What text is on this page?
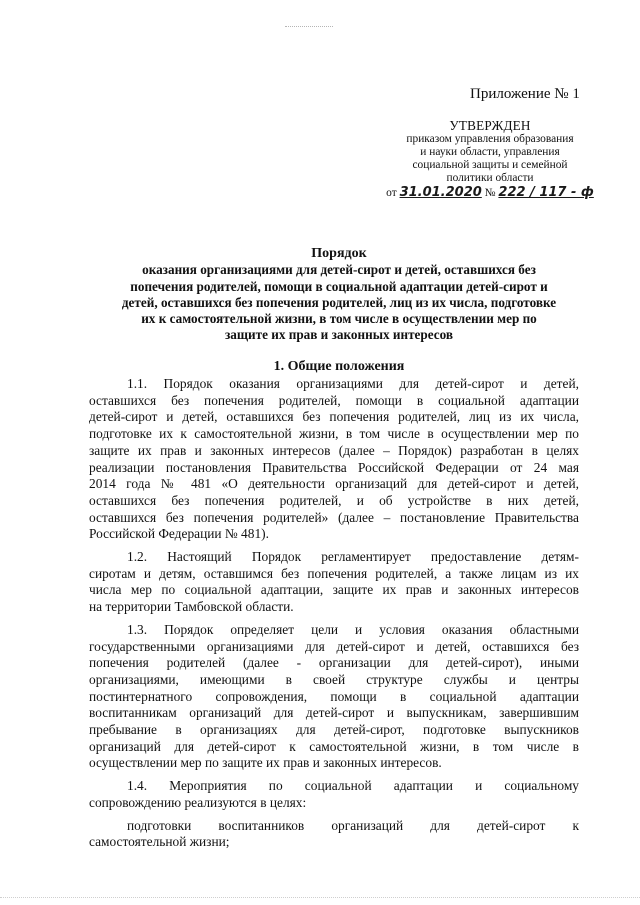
Приложение № 1
УТВЕРЖДЕН
приказом управления образования
и науки области, управления
социальной защиты и семейной
политики области
от 31.01.2020 № 222 / 117 - ф
Порядок
оказания организациями для детей-сирот и детей, оставшихся без
попечения родителей, помощи в социальной адаптации детей-сирот и
детей, оставшихся без попечения родителей, лиц из их числа, подготовке
их к самостоятельной жизни, в том числе в осуществлении мер по
защите их прав и законных интересов
1. Общие положения
1.1. Порядок оказания организациями для детей-сирот и детей,
оставшихся без попечения родителей, помощи в социальной адаптации
детей-сирот и детей, оставшихся без попечения родителей, лиц из их числа,
подготовке их к самостоятельной жизни, в том числе в осуществлении мер по
защите их прав и законных интересов (далее – Порядок) разработан в целях
реализации постановления Правительства Российской Федерации от 24 мая
2014 года № 481 «О деятельности организаций для детей-сирот и детей,
оставшихся без попечения родителей, и об устройстве в них детей,
оставшихся без попечения родителей» (далее – постановление Правительства
Российской Федерации № 481).
1.2. Настоящий Порядок регламентирует предоставление детям-
сиротам и детям, оставшимся без попечения родителей, а также лицам из их
числа мер по социальной адаптации, защите их прав и законных интересов
на территории Тамбовской области.
1.3. Порядок определяет цели и условия оказания областными
государственными организациями для детей-сирот и детей, оставшихся без
попечения родителей (далее - организации для детей-сирот), иными
организациями, имеющими в своей структуре службы и центры
постинтернатного сопровождения, помощи в социальной адаптации
воспитанникам организаций для детей-сирот и выпускникам, завершившим
пребывание в организациях для детей-сирот, подготовке выпускников
организаций для детей-сирот к самостоятельной жизни, в том числе в
осуществлении мер по защите их прав и законных интересов.
1.4. Мероприятия по социальной адаптации и социальному
сопровождению реализуются в целях:
подготовки воспитанников организаций для детей-сирот к
самостоятельной жизни;
